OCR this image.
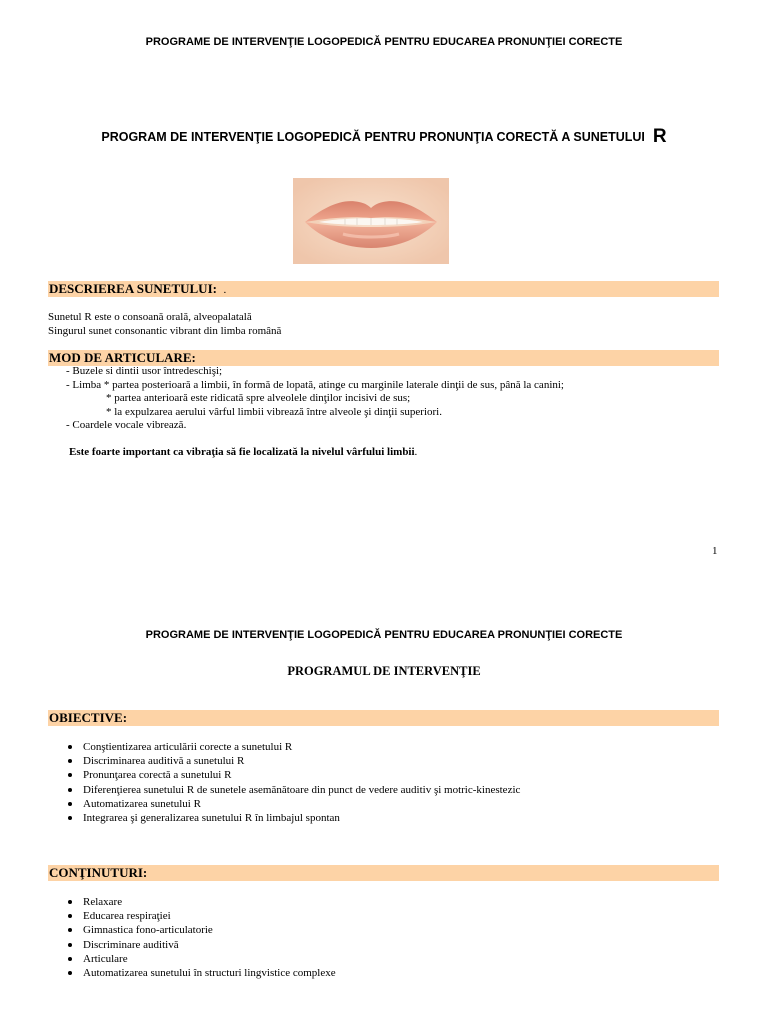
PROGRAME DE INTERVENŢIE LOGOPEDICĂ PENTRU EDUCAREA PRONUNŢIEI CORECTE
PROGRAM DE INTERVENŢIE LOGOPEDICĂ PENTRU PRONUNŢIA CORECTĂ A SUNETULUI R
DESCRIEREA SUNETULUI: .
Sunetul R este o consoană orală, alveopalatală
Singurul sunet consonantic vibrant din limba română
MOD DE ARTICULARE:
- Buzele si dintii usor întredeschişi;
- Limba * partea posterioară a limbii, în formă de lopată, atinge cu marginile laterale dinţii de sus, până la canini;
* partea anterioară este ridicată spre alveolele dinţilor incisivi de sus;
* la expulzarea aerului vârful limbii vibrează între alveole şi dinţii superiori.
- Coardele vocale vibrează.
Este foarte important ca vibraţia să fie localizată la nivelul vârfului limbii.
1
PROGRAME DE INTERVENŢIE LOGOPEDICĂ PENTRU EDUCAREA PRONUNŢIEI CORECTE
PROGRAMUL DE INTERVENŢIE
OBIECTIVE:
Conştientizarea articulării corecte a sunetului R
Discriminarea auditivă a sunetului R
Pronunţarea corectă a sunetului R
Diferenţierea sunetului R de sunetele asemănătoare din punct de vedere auditiv şi motric-kinestezic
Automatizarea sunetului R
Integrarea şi generalizarea sunetului R în limbajul spontan
CONŢINUTURI:
Relaxare
Educarea respiraţiei
Gimnastica fono-articulatorie
Discriminare auditivă
Articulare
Automatizarea sunetului în structuri lingvistice complexe
